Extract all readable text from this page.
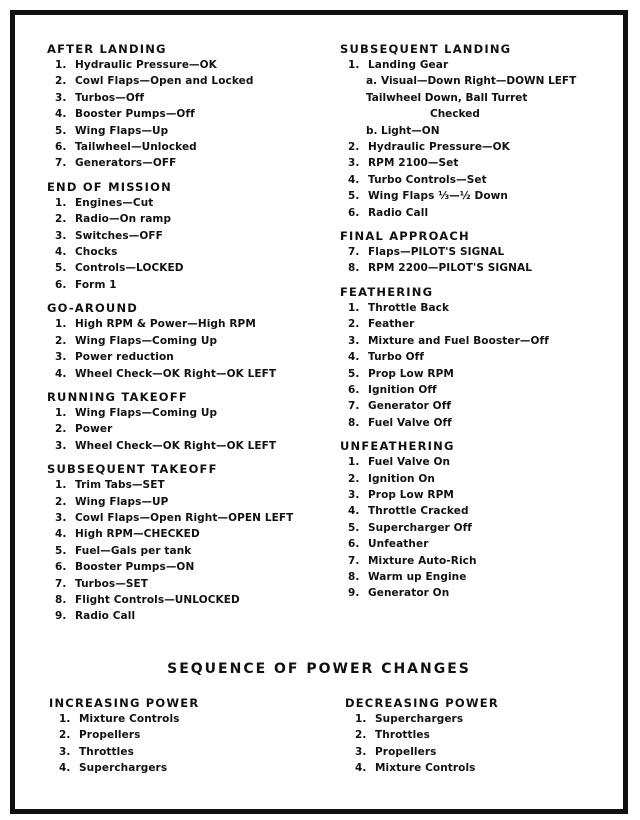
AFTER LANDING
1. Hydraulic Pressure—OK
2. Cowl Flaps—Open and Locked
3. Turbos—Off
4. Booster Pumps—Off
5. Wing Flaps—Up
6. Tailwheel—Unlocked
7. Generators—OFF
END OF MISSION
1. Engines—Cut
2. Radio—On ramp
3. Switches—OFF
4. Chocks
5. Controls—LOCKED
6. Form 1
GO-AROUND
1. High RPM & Power—High RPM
2. Wing Flaps—Coming Up
3. Power reduction
4. Wheel Check—OK Right—OK LEFT
RUNNING TAKEOFF
1. Wing Flaps—Coming Up
2. Power
3. Wheel Check—OK Right—OK LEFT
SUBSEQUENT TAKEOFF
1. Trim Tabs—SET
2. Wing Flaps—UP
3. Cowl Flaps—Open Right—OPEN LEFT
4. High RPM—CHECKED
5. Fuel—Gals per tank
6. Booster Pumps—ON
7. Turbos—SET
8. Flight Controls—UNLOCKED
9. Radio Call
SUBSEQUENT LANDING
1. Landing Gear
a. Visual—Down Right—DOWN LEFT
Tailwheel Down, Ball Turret
Checked
b. Light—ON
2. Hydraulic Pressure—OK
3. RPM 2100—Set
4. Turbo Controls—Set
5. Wing Flaps ⅓—½ Down
6. Radio Call
FINAL APPROACH
7. Flaps—PILOT'S SIGNAL
8. RPM 2200—PILOT'S SIGNAL
FEATHERING
1. Throttle Back
2. Feather
3. Mixture and Fuel Booster—Off
4. Turbo Off
5. Prop Low RPM
6. Ignition Off
7. Generator Off
8. Fuel Valve Off
UNFEATHERING
1. Fuel Valve On
2. Ignition On
3. Prop Low RPM
4. Throttle Cracked
5. Supercharger Off
6. Unfeather
7. Mixture Auto-Rich
8. Warm up Engine
9. Generator On
SEQUENCE OF POWER CHANGES
INCREASING POWER
1. Mixture Controls
2. Propellers
3. Throttles
4. Superchargers
DECREASING POWER
1. Superchargers
2. Throttles
3. Propellers
4. Mixture Controls
